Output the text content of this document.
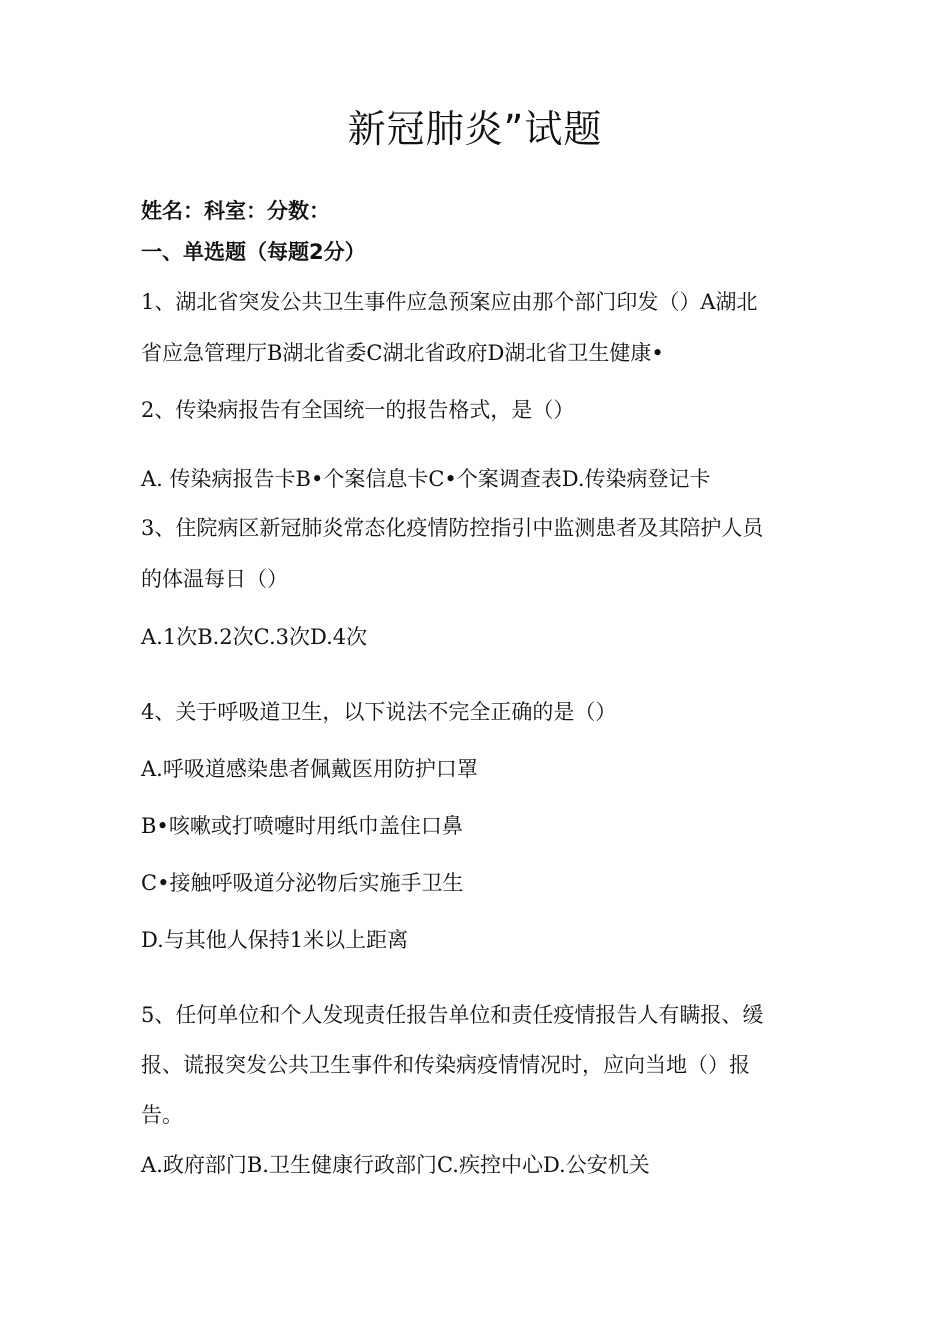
新冠肺炎”试题
姓名：科室：分数：
一、单选题（每题2分）
1、湖北省突发公共卫生事件应急预案应由那个部门印发（）A湖北
省应急管理厅B湖北省委C湖北省政府D湖北省卫生健康•
2、传染病报告有全国统一的报告格式，是（）
A. 传染病报告卡B•个案信息卡C•个案调查表D.传染病登记卡
3、住院病区新冠肺炎常态化疫情防控指引中监测患者及其陪护人员
的体温每日（）
A.1次B.2次C.3次D.4次
4、关于呼吸道卫生，以下说法不完全正确的是（）
A.呼吸道感染患者佩戴医用防护口罩
B•咳嗽或打喷嚏时用纸巾盖住口鼻
C•接触呼吸道分泌物后实施手卫生
D.与其他人保持1米以上距离
5、任何单位和个人发现责任报告单位和责任疫情报告人有瞒报、缓
报、谎报突发公共卫生事件和传染病疫情情况时，应向当地（）报
告。
A.政府部门B.卫生健康行政部门C.疾控中心D.公安机关
